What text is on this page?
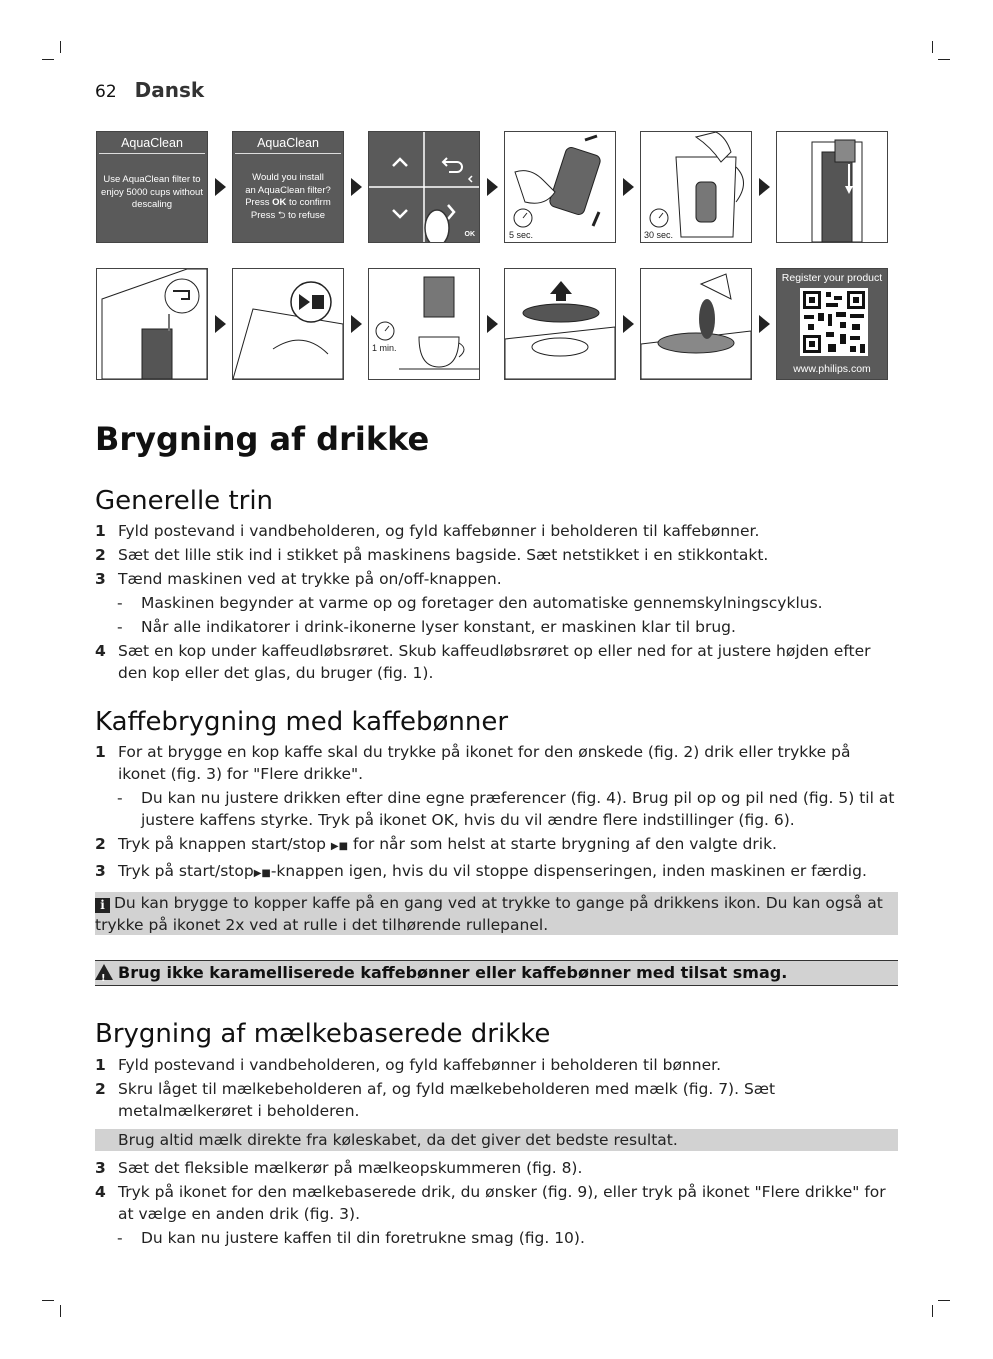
62 Dansk
AquaClean
Use AquaClean filter to enjoy 5000 cups without descaling
AquaClean
Would you install
an AquaClean filter?
Press OK to confirm
Press ⮌ to refuse
OK	5 sec.	30 sec.
1 min.
Register your product
www.philips.com
Brygning af drikke
Generelle trin
1 Fyld postevand i vandbeholderen, og fyld kaffebønner i beholderen til kaffebønner.
2 Sæt det lille stik ind i stikket på maskinens bagside. Sæt netstikket i en stikkontakt.
3 Tænd maskinen ved at trykke på on/off-knappen.
-	Maskinen begynder at varme op og foretager den automatiske gennemskylningscyklus.
-	Når alle indikatorer i drink-ikonerne lyser konstant, er maskinen klar til brug.
4 Sæt en kop under kaffeudløbsrøret. Skub kaffeudløbsrøret op eller ned for at justere højden efter den kop eller det glas, du bruger (fig. 1).
Kaffebrygning med kaffebønner
1 For at brygge en kop kaffe skal du trykke på ikonet for den ønskede (fig. 2) drik eller trykke på ikonet (fig. 3) for "Flere drikke".
-	Du kan nu justere drikken efter dine egne præferencer (fig. 4). Brug pil op og pil ned (fig. 5) til at justere kaffens styrke. Tryk på ikonet OK, hvis du vil ændre flere indstillinger (fig. 6).
2 Tryk på knappen start/stop ▶■ for når som helst at starte brygning af den valgte drik.
3 Tryk på start/stop▶■-knappen igen, hvis du vil stoppe dispenseringen, inden maskinen er færdig.
i Du kan brygge to kopper kaffe på en gang ved at trykke to gange på drikkens ikon. Du kan også at trykke på ikonet 2x ved at rulle i det tilhørende rullepanel.
!Brug ikke karamelliserede kaffebønner eller kaffebønner med tilsat smag.
Brygning af mælkebaserede drikke
1 Fyld postevand i vandbeholderen, og fyld kaffebønner i beholderen til bønner.
2 Skru låget til mælkebeholderen af, og fyld mælkebeholderen med mælk (fig. 7). Sæt metalmælkerøret i beholderen.
Brug altid mælk direkte fra køleskabet, da det giver det bedste resultat.
3 Sæt det fleksible mælkerør på mælkeopskummeren (fig. 8).
4 Tryk på ikonet for den mælkebaserede drik, du ønsker (fig. 9), eller tryk på ikonet "Flere drikke" for at vælge en anden drik (fig. 3).
-	Du kan nu justere kaffen til din foretrukne smag (fig. 10).
